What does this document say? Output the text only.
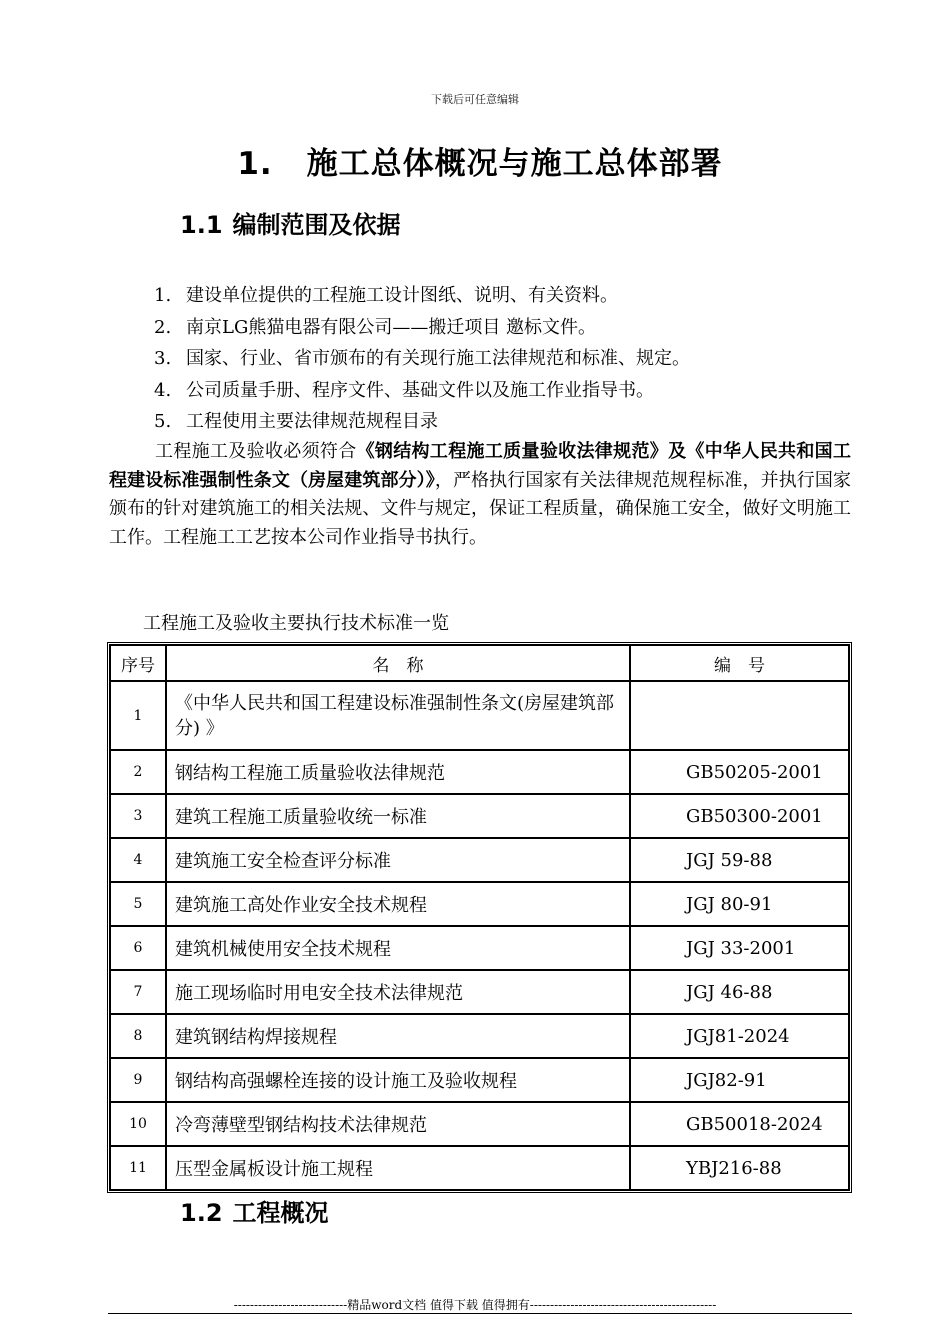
下载后可任意编辑
1. 施工总体概况与施工总体部署
1.1 编制范围及依据
1. 建设单位提供的工程施工设计图纸、说明、有关资料。
2. 南京LG熊猫电器有限公司——搬迁项目 邀标文件。
3. 国家、行业、省市颁布的有关现行施工法律规范和标准、规定。
4. 公司质量手册、程序文件、基础文件以及施工作业指导书。
5. 工程使用主要法律规范规程目录
工程施工及验收必须符合《钢结构工程施工质量验收法律规范》及《中华人民共和国工程建设标准强制性条文（房屋建筑部分）》，严格执行国家有关法律规范规程标准，并执行国家颁布的针对建筑施工的相关法规、文件与规定，保证工程质量，确保施工安全，做好文明施工工作。工程施工工艺按本公司作业指导书执行。
工程施工及验收主要执行技术标准一览
序号	名　称	编　号
1	《中华人民共和国工程建设标准强制性条文(房屋建筑部分) 》	
2	钢结构工程施工质量验收法律规范	GB50205-2001
3	建筑工程施工质量验收统一标准	GB50300-2001
4	建筑施工安全检查评分标准	JGJ 59-88
5	建筑施工高处作业安全技术规程	JGJ 80-91
6	建筑机械使用安全技术规程	JGJ 33-2001
7	施工现场临时用电安全技术法律规范	JGJ 46-88
8	建筑钢结构焊接规程	JGJ81-2024
9	钢结构高强螺栓连接的设计施工及验收规程	JGJ82-91
10	冷弯薄壁型钢结构技术法律规范	GB50018-2024
11	压型金属板设计施工规程	YBJ216-88
1.2 工程概况
----------------------------精品word文档 值得下载 值得拥有----------------------------------------------
